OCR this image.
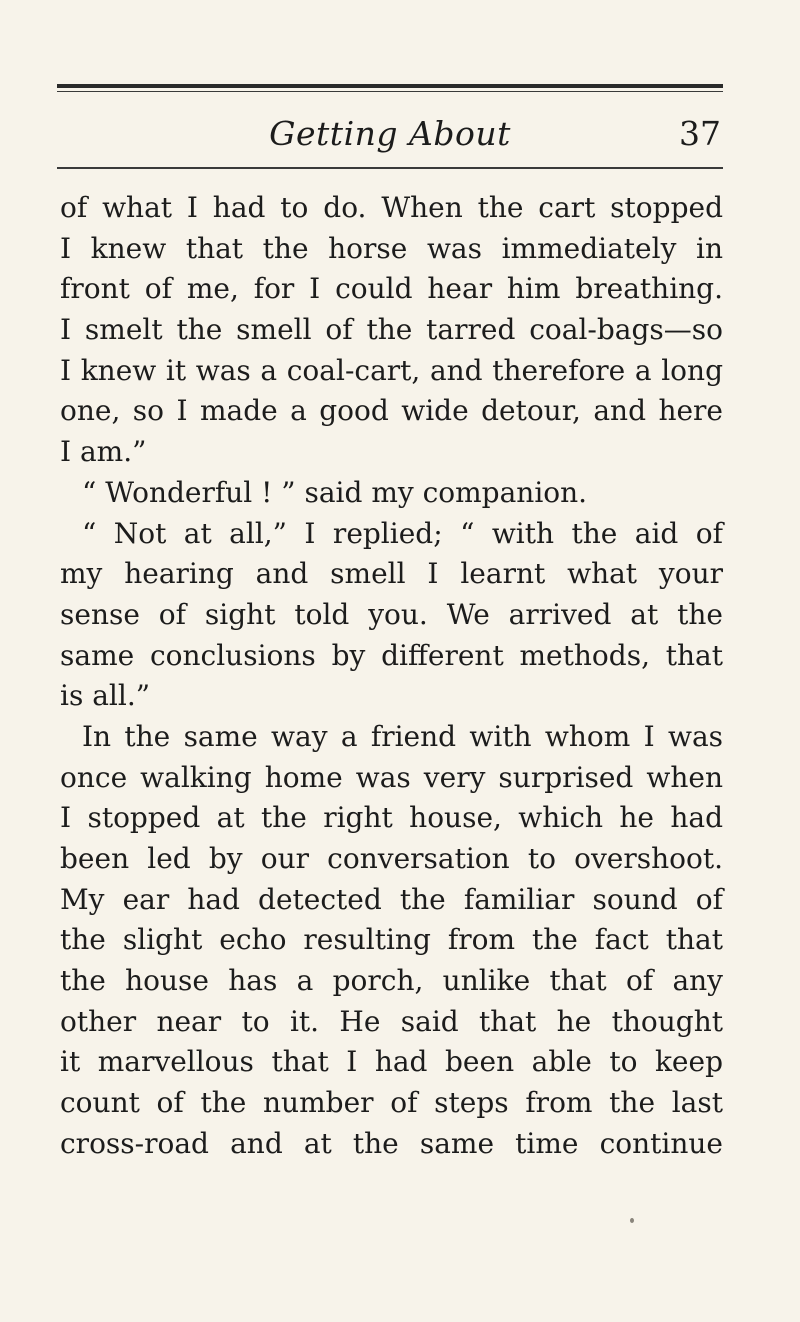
Getting About	37
of what I had to do. When the cart stopped
I knew that the horse was immediately in
front of me, for I could hear him breathing.
I smelt the smell of the tarred coal-bags—so
I knew it was a coal-cart, and therefore a long
one, so I made a good wide detour, and here
I am.”
“ Wonderful ! ” said my companion.
“ Not at all,” I replied; “ with the aid of
my hearing and smell I learnt what your
sense of sight told you. We arrived at the
same conclusions by different methods, that
is all.”
In the same way a friend with whom I was
once walking home was very surprised when
I stopped at the right house, which he had
been led by our conversation to overshoot.
My ear had detected the familiar sound of
the slight echo resulting from the fact that
the house has a porch, unlike that of any
other near to it. He said that he thought
it marvellous that I had been able to keep
count of the number of steps from the last
cross-road and at the same time continue
